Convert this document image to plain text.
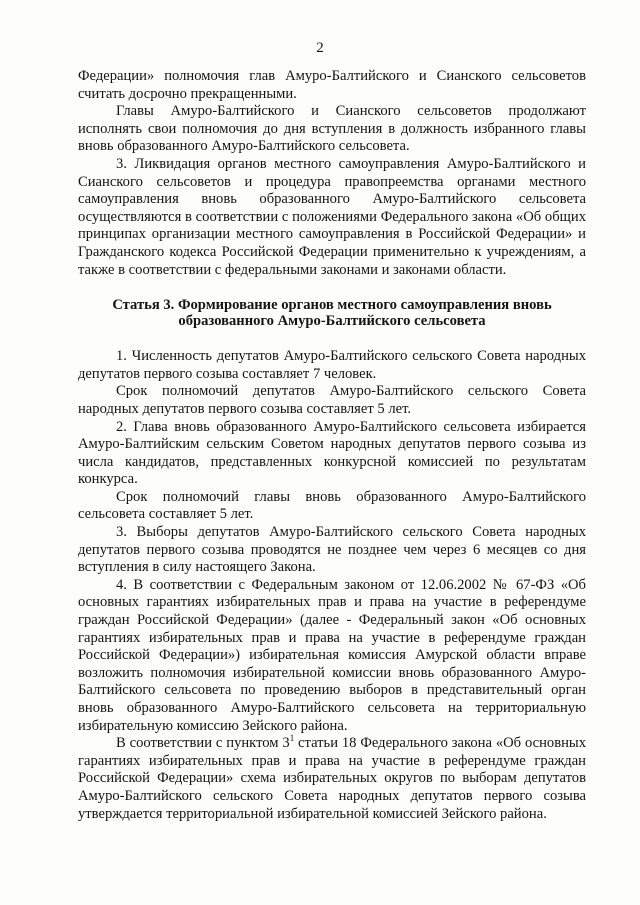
2

Федерации» полномочия глав Амуро-Балтийского и Сианского сельсоветов считать досрочно прекращенными.

Главы Амуро-Балтийского и Сианского сельсоветов продолжают исполнять свои полномочия до дня вступления в должность избранного главы вновь образованного Амуро-Балтийского сельсовета.

3. Ликвидация органов местного самоуправления Амуро-Балтийского и Сианского сельсоветов и процедура правопреемства органами местного самоуправления вновь образованного Амуро-Балтийского сельсовета осуществляются в соответствии с положениями Федерального закона «Об общих принципах организации местного самоуправления в Российской Федерации» и Гражданского кодекса Российской Федерации применительно к учреждениям, а также в соответствии с федеральными законами и законами области.

Статья 3. Формирование органов местного самоуправления вновь образованного Амуро-Балтийского сельсовета

1. Численность депутатов Амуро-Балтийского сельского Совета народных депутатов первого созыва составляет 7 человек.

Срок полномочий депутатов Амуро-Балтийского сельского Совета народных депутатов первого созыва составляет 5 лет.

2. Глава вновь образованного Амуро-Балтийского сельсовета избирается Амуро-Балтийским сельским Советом народных депутатов первого созыва из числа кандидатов, представленных конкурсной комиссией по результатам конкурса.

Срок полномочий главы вновь образованного Амуро-Балтийского сельсовета составляет 5 лет.

3. Выборы депутатов Амуро-Балтийского сельского Совета народных депутатов первого созыва проводятся не позднее чем через 6 месяцев со дня вступления в силу настоящего Закона.

4. В соответствии с Федеральным законом от 12.06.2002 № 67-ФЗ «Об основных гарантиях избирательных прав и права на участие в референдуме граждан Российской Федерации» (далее - Федеральный закон «Об основных гарантиях избирательных прав и права на участие в референдуме граждан Российской Федерации») избирательная комиссия Амурской области вправе возложить полномочия избирательной комиссии вновь образованного Амуро-Балтийского сельсовета по проведению выборов в представительный орган вновь образованного Амуро-Балтийского сельсовета на территориальную избирательную комиссию Зейского района.

В соответствии с пунктом $3^1$ статьи 18 Федерального закона «Об основных гарантиях избирательных прав и права на участие в референдуме граждан Российской Федерации» схема избирательных округов по выборам депутатов Амуро-Балтийского сельского Совета народных депутатов первого созыва утверждается территориальной избирательной комиссией Зейского района.
